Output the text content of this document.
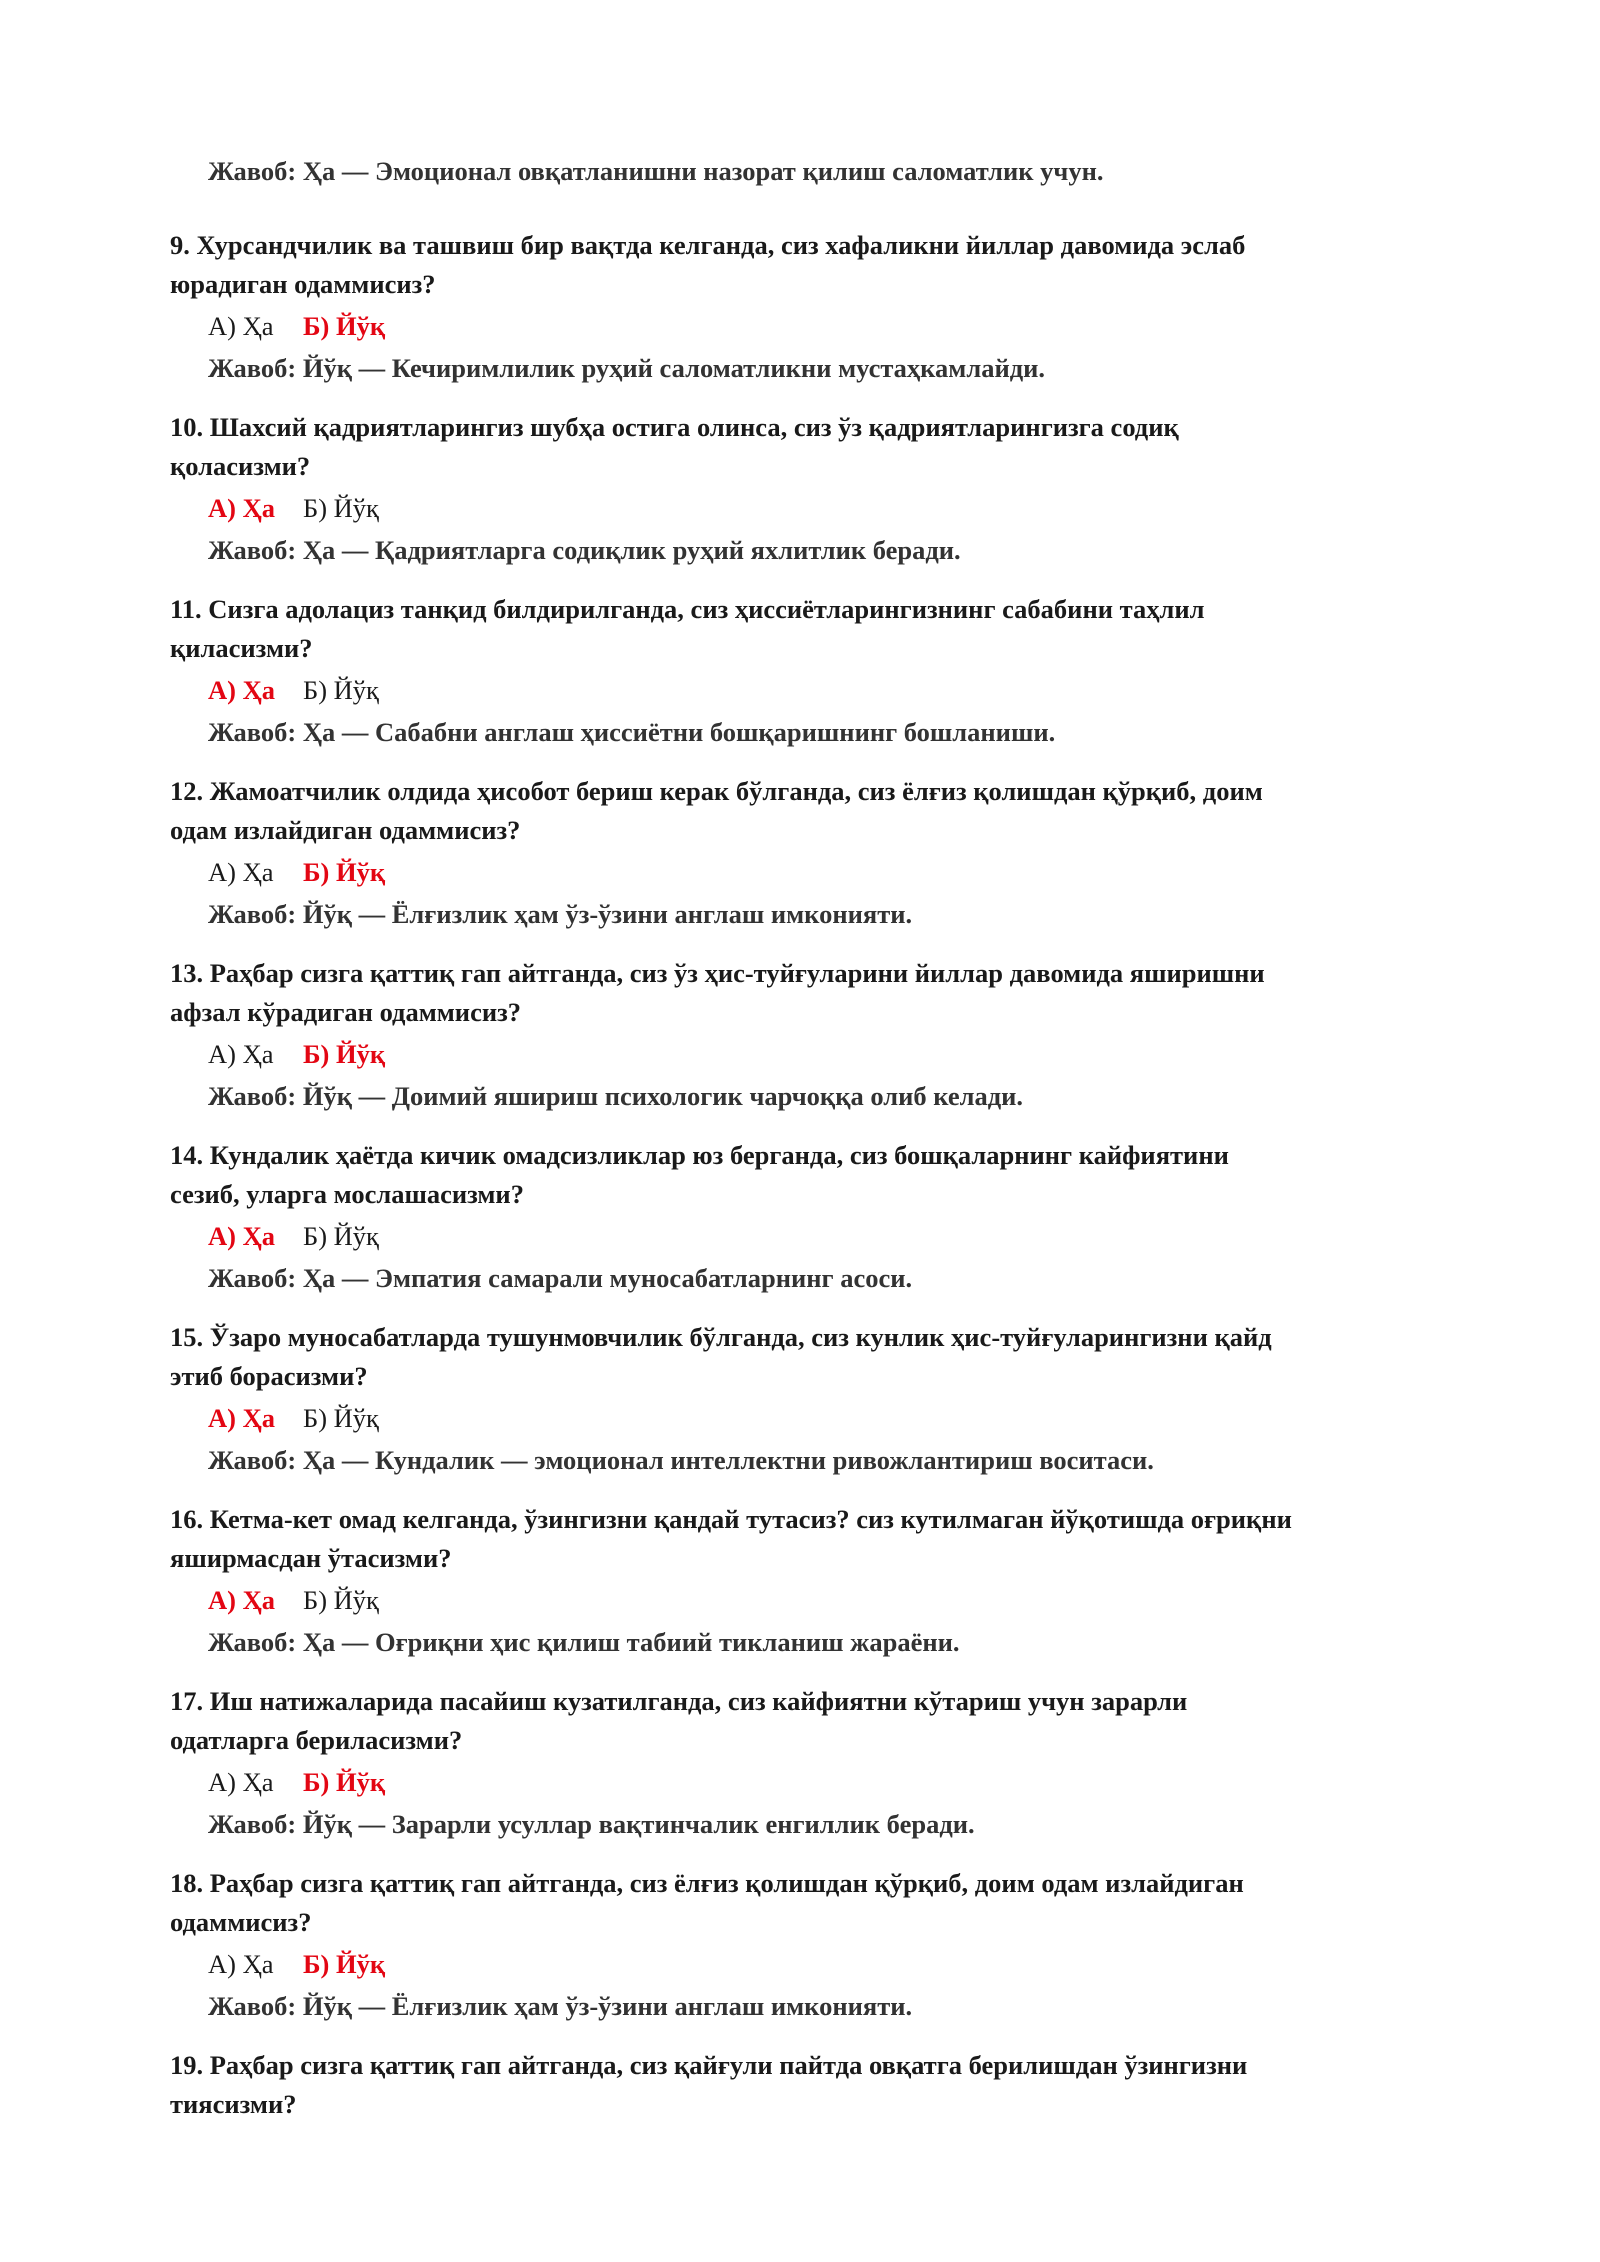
Жавоб: Ҳа — Эмоционал овқатланишни назорат қилиш саломатлик учун.
9. Хурсандчилик ва ташвиш бир вақтда келганда, сиз хафаликни йиллар давомида эслаб
юрадиган одаммисиз?
А) Ҳа Б) Йўқ
Жавоб: Йўқ — Кечиримлилик руҳий саломатликни мустаҳкамлайди.
10. Шахсий қадриятларингиз шубҳа остига олинса, сиз ўз қадриятларингизга содиқ
қоласизми?
А) Ҳа Б) Йўқ
Жавоб: Ҳа — Қадриятларга содиқлик руҳий яхлитлик беради.
11. Сизга адолациз танқид билдирилганда, сиз ҳиссиётларингизнинг сабабини таҳлил
қиласизми?
А) Ҳа Б) Йўқ
Жавоб: Ҳа — Сабабни англаш ҳиссиётни бошқаришнинг бошланиши.
12. Жамоатчилик олдида ҳисобот бериш керак бўлганда, сиз ёлғиз қолишдан қўрқиб, доим
одам излайдиган одаммисиз?
А) Ҳа Б) Йўқ
Жавоб: Йўқ — Ёлғизлик ҳам ўз-ўзини англаш имконияти.
13. Раҳбар сизга қаттиқ гап айтганда, сиз ўз ҳис-туйғуларини йиллар давомида яширишни
афзал кўрадиган одаммисиз?
А) Ҳа Б) Йўқ
Жавоб: Йўқ — Доимий яшириш психологик чарчоққа олиб келади.
14. Кундалик ҳаётда кичик омадсизликлар юз берганда, сиз бошқаларнинг кайфиятини
сезиб, уларга мослашасизми?
А) Ҳа Б) Йўқ
Жавоб: Ҳа — Эмпатия самарали муносабатларнинг асоси.
15. Ўзаро муносабатларда тушунмовчилик бўлганда, сиз кунлик ҳис-туйғуларингизни қайд
этиб борасизми?
А) Ҳа Б) Йўқ
Жавоб: Ҳа — Кундалик — эмоционал интеллектни ривожлантириш воситаси.
16. Кетма-кет омад келганда, ўзингизни қандай тутасиз? сиз кутилмаган йўқотишда оғриқни
яширмасдан ўтасизми?
А) Ҳа Б) Йўқ
Жавоб: Ҳа — Оғриқни ҳис қилиш табиий тикланиш жараёни.
17. Иш натижаларида пасайиш кузатилганда, сиз кайфиятни кўтариш учун зарарли
одатларга берилaсизми?
А) Ҳа Б) Йўқ
Жавоб: Йўқ — Зарарли усуллар вақтинчалик енгиллик беради.
18. Раҳбар сизга қаттиқ гап айтганда, сиз ёлғиз қолишдан қўрқиб, доим одам излайдиган
одаммисиз?
А) Ҳа Б) Йўқ
Жавоб: Йўқ — Ёлғизлик ҳам ўз-ўзини англаш имконияти.
19. Раҳбар сизга қаттиқ гап айтганда, сиз қайғули пайтда овқатга берилишдан ўзингизни
тиясизми?
